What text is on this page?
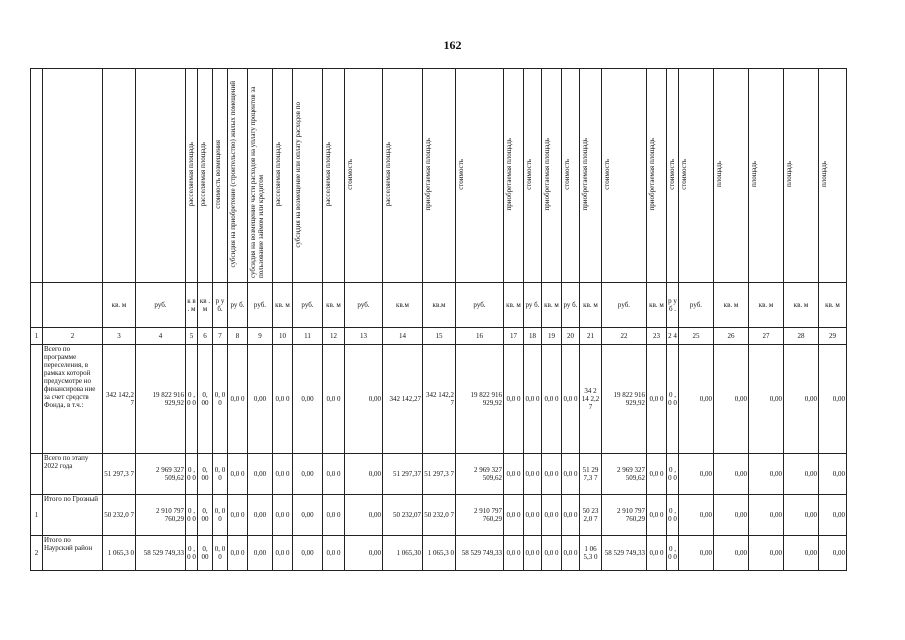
162
				расселяемая площадь	расселяемая площадь	стоимость возмещения	субсидия на приобретение (строительство) жилых помещений	субсидия на возмещение части расходов на уплату процентов за пользование займом или кредитом	расселяемая площадь	субсидия на возмещение или оплату расходов по	расселяемая площадь	стоимость	расселяемая площадь	приобретаемая площадь	стоимость	приобретаемая площадь	стоимость	приобретаемая площадь	стоимость	приобретаемая площадь	стоимость	приобретаемая площадь	стоимость	стоимость	площадь	площадь	площадь	площадь
		кв. м	руб.	к в . м	кв . м	р у б.	ру б.	руб.	кв. м	руб.	кв. м	руб.	кв.м	кв.м	руб.	кв. м	ру б.	кв. м	ру б.	кв. м	руб.	кв. м	р у б .	руб.	кв. м	кв. м	кв. м	кв. м
1	2	3	4	5	6	7	8	9	10	11	12	13	14	15	16	17	18	19	20	21	22	23	2 4	25	26	27	28	29
	Всего по программе переселения, в рамках которой предусмотре но финансирова ние за счет средств Фонда, в т.ч.:	342 142,2 7	19 822 916 929,92	0 , 0 0	0, 00	0, 0 0	0,0 0	0,00	0,0 0	0,00	0,0 0	0,00	342 142,27	342 142,2 7	19 822 916 929,92	0,0 0	0,0 0	0,0 0	0,0 0	34 2 14 2,2 7	19 822 916 929,92	0,0 0	0 , 0 0	0,00	0,00	0,00	0,00	0,00
	Всего по этапу 2022 года	51 297,3 7	2 969 327 509,62	0 , 0 0	0, 00	0, 0 0	0,0 0	0,00	0,0 0	0,00	0,0 0	0,00	51 297,37	51 297,3 7	2 969 327 509,62	0,0 0	0,0 0	0,0 0	0,0 0	51 29 7,3 7	2 969 327 509,62	0,0 0	0 , 0 0	0,00	0,00	0,00	0,00	0,00
1	Итого по Грозный	50 232,0 7	2 910 797 760,29	0 , 0 0	0, 00	0, 0 0	0,0 0	0,00	0,0 0	0,00	0,0 0	0,00	50 232,07	50 232,0 7	2 910 797 760,29	0,0 0	0,0 0	0,0 0	0,0 0	50 23 2,0 7	2 910 797 760,29	0,0 0	0 , 0 0	0,00	0,00	0,00	0,00	0,00
2	Итого по Наурский район	1 065,3 0	58 529 749,33	0 , 0 0	0, 00	0, 0 0	0,0 0	0,00	0,0 0	0,00	0,0 0	0,00	1 065,30	1 065,3 0	58 529 749,33	0,0 0	0,0 0	0,0 0	0,0 0	1 06 5,3 0	58 529 749,33	0,0 0	0 , 0 0	0,00	0,00	0,00	0,00	0,00
